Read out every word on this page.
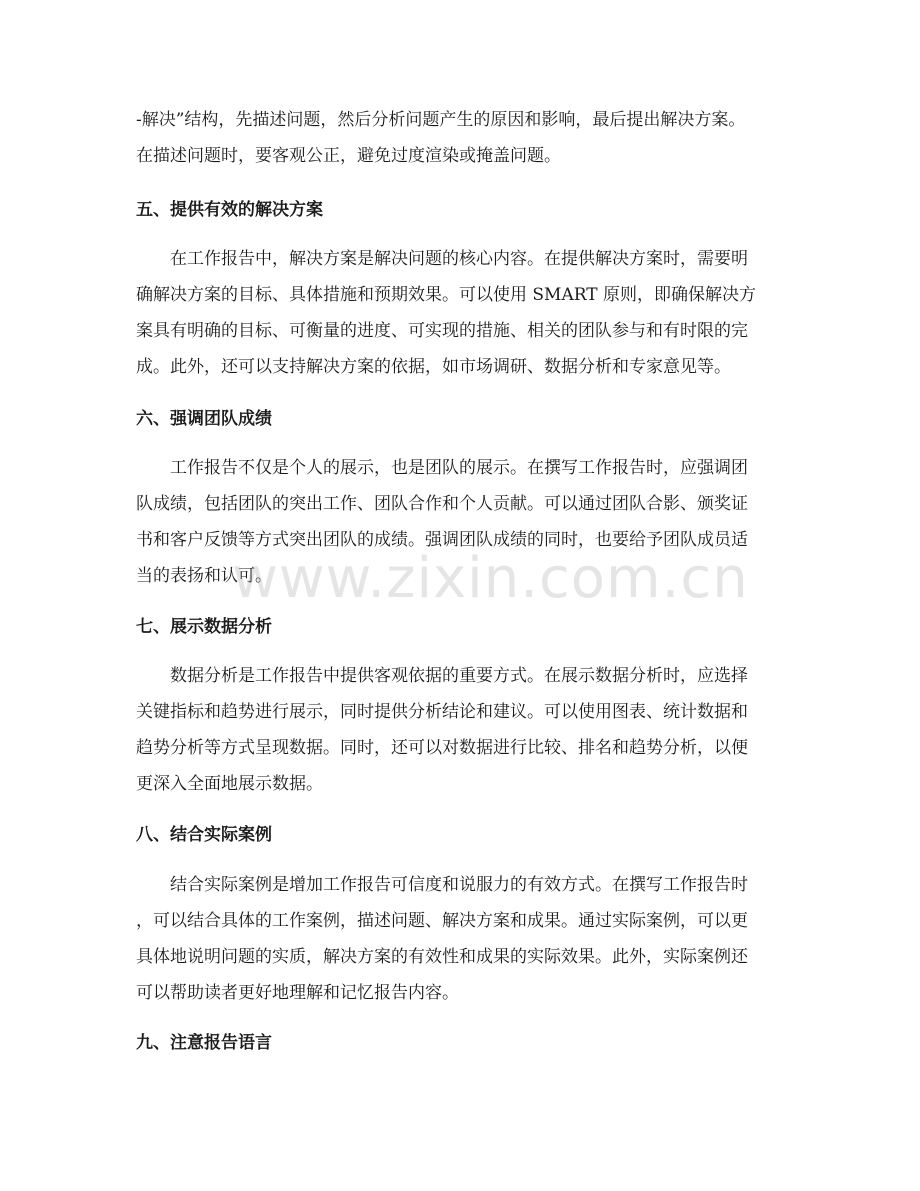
-解决”结构，先描述问题，然后分析问题产生的原因和影响，最后提出解决方案。
在描述问题时，要客观公正，避免过度渲染或掩盖问题。
五、提供有效的解决方案
在工作报告中，解决方案是解决问题的核心内容。在提供解决方案时，需要明
确解决方案的目标、具体措施和预期效果。可以使用 SMART 原则，即确保解决方
案具有明确的目标、可衡量的进度、可实现的措施、相关的团队参与和有时限的完
成。此外，还可以支持解决方案的依据，如市场调研、数据分析和专家意见等。
六、强调团队成绩
工作报告不仅是个人的展示，也是团队的展示。在撰写工作报告时，应强调团
队成绩，包括团队的突出工作、团队合作和个人贡献。可以通过团队合影、颁奖证
书和客户反馈等方式突出团队的成绩。强调团队成绩的同时，也要给予团队成员适
当的表扬和认可。
七、展示数据分析
数据分析是工作报告中提供客观依据的重要方式。在展示数据分析时，应选择
关键指标和趋势进行展示，同时提供分析结论和建议。可以使用图表、统计数据和
趋势分析等方式呈现数据。同时，还可以对数据进行比较、排名和趋势分析，以便
更深入全面地展示数据。
八、结合实际案例
结合实际案例是增加工作报告可信度和说服力的有效方式。在撰写工作报告时
，可以结合具体的工作案例，描述问题、解决方案和成果。通过实际案例，可以更
具体地说明问题的实质，解决方案的有效性和成果的实际效果。此外，实际案例还
可以帮助读者更好地理解和记忆报告内容。
九、注意报告语言
www.zixin.com.cn
